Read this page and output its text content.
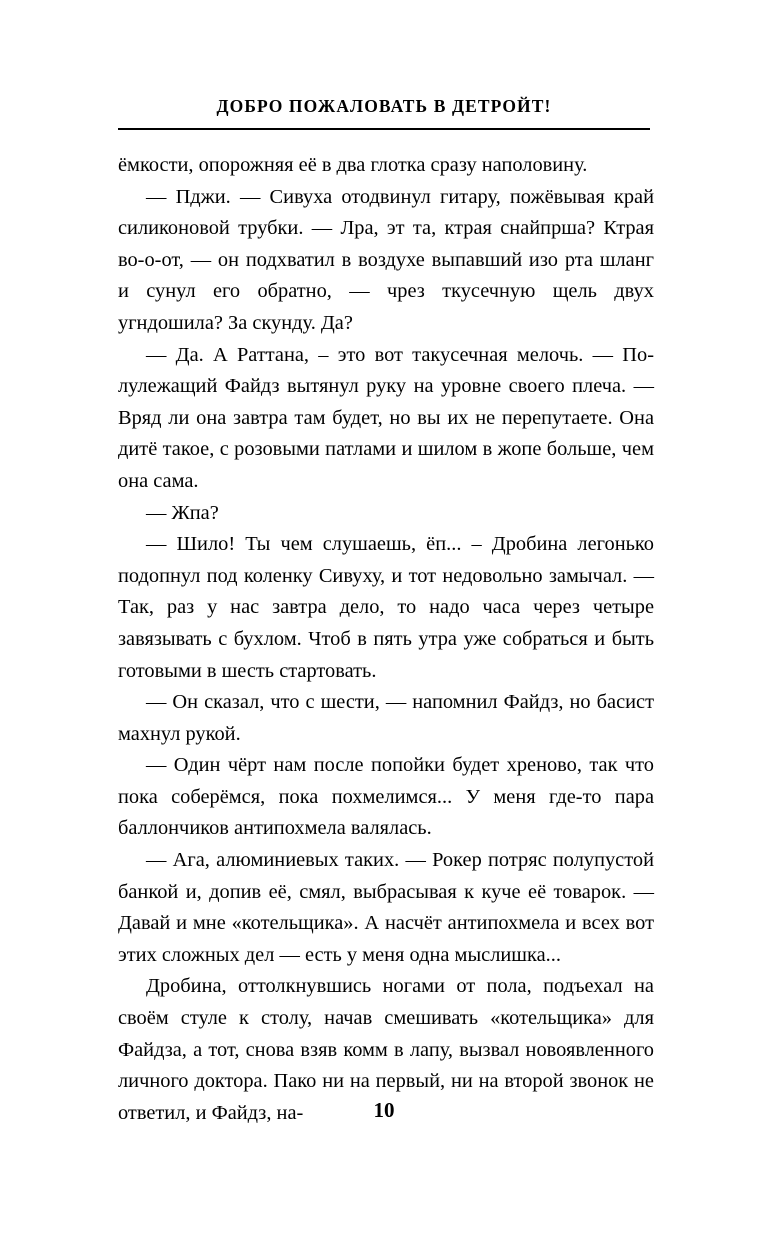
ДОБРО ПОЖАЛОВАТЬ В ДЕТРОЙТ!

ёмкости, опорожняя её в два глотка сразу наполовину.

— Пджи. — Сивуха отодвинул гитару, пожёвывая край силиконовой трубки. — Лра, эт та, ктрая снайпрша? Ктрая во-о-от, — он подхватил в воздухе выпавший изо рта шланг и сунул его обратно, — чрез ткусечную щель двух угндошила? За скунду. Да?

— Да. А Раттана, – это вот такусечная мелочь. — Полулежащий Файдз вытянул руку на уровне своего плеча. — Вряд ли она завтра там будет, но вы их не перепутаете. Она дитё такое, с розовыми патлами и шилом в жопе больше, чем она сама.

— Жпа?

— Шило! Ты чем слушаешь, ёп... – Дробина легонько подопнул под коленку Сивуху, и тот недовольно замычал. — Так, раз у нас завтра дело, то надо часа через четыре завязывать с бухлом. Чтоб в пять утра уже собраться и быть готовыми в шесть стартовать.

— Он сказал, что с шести, — напомнил Файдз, но басист махнул рукой.

— Один чёрт нам после попойки будет хреново, так что пока соберёмся, пока похмелимся... У меня где-то пара баллончиков антипохмела валялась.

— Ага, алюминиевых таких. — Рокер потряс полупустой банкой и, допив её, смял, выбрасывая к куче её товарок. — Давай и мне «котельщика». А насчёт антипохмела и всех вот этих сложных дел — есть у меня одна мыслишка...

Дробина, оттолкнувшись ногами от пола, подъехал на своём стуле к столу, начав смешивать «котельщика» для Файдза, а тот, снова взяв комм в лапу, вызвал новоявленного личного доктора. Пако ни на первый, ни на второй звонок не ответил, и Файдз, на-	10
